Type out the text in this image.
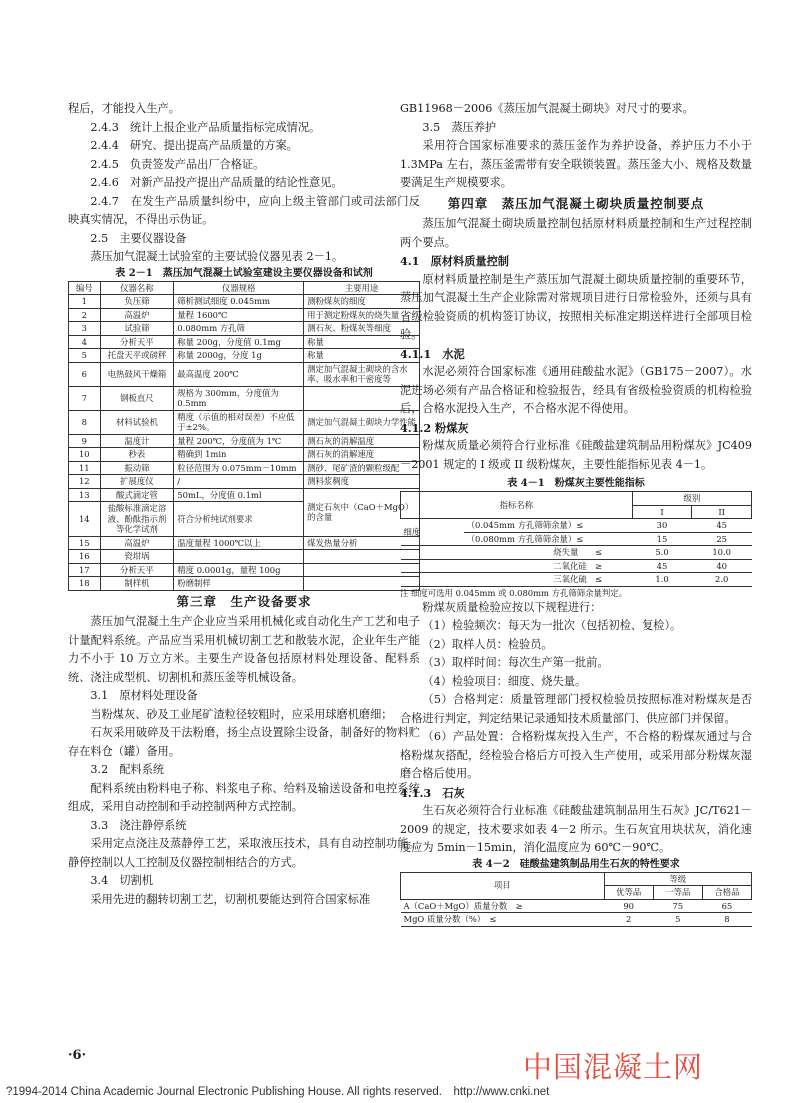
程后，才能投入生产。

2.4.3　统计上报企业产品质量指标完成情况。

2.4.4　研究、提出提高产品质量的方案。

2.4.5　负责签发产品出厂合格证。

2.4.6　对新产品投产提出产品质量的结论性意见。

2.4.7　在发生产品质量纠纷中，应向上级主管部门或司法部门反映真实情况，不得出示伪证。

2.5　主要仪器设备

蒸压加气混凝土试验室的主要试验仪器见表 2－1。

表 2－1　蒸压加气混凝土试验室建设主要仪器设备和试剂

编号	仪器名称	仪器规格	主要用途
1	负压筛	筛析测试细度 0.045mm	测粉煤灰的细度
2	高温炉	量程 1600℃	用于测定粉煤灰的烧失量
3	试验筛	0.080mm 方孔筛	测石灰、粉煤灰等细度
4	分析天平	称量 200g，分度值 0.1mg	称量
5	托盘天平或磅秤	称量 2000g，分度 1g	称量
6	电热鼓风干燥箱	最高温度 200℃	测定加气混凝土砌块的含水率、吸水率和干密度等
7	钢板直尺	规格为 300mm，分度值为 0.5mm	
8	材料试验机	精度（示值的相对误差）不应低于±2%。	测定加气混凝土砌块力学性能
9	温度计	量程 200℃，分度值为 1℃	测石灰的消解温度
10	秒表	精确到 1min	测石灰的消解速度
11	振动筛	粒径范围为 0.075mm－10mm	测砂、尾矿渣的颗粒级配
12	扩展度仪	/	测料浆稠度
13	酸式滴定管	50mL，分度值 0.1ml	测定石灰中（CaO＋MgO）的含量
14	盐酸标准滴定溶液、酚酞指示剂等化学试剂	符合分析纯试剂要求	
15	高温炉	温度量程 1000℃以上	煤发热量分析
16	瓷坩埚		
17	分析天平	精度 0.0001g，量程 100g	
18	制样机	粉磨制样	

第三章　生产设备要求

蒸压加气混凝土生产企业应当采用机械化或自动化生产工艺和电子计量配料系统。产品应当采用机械切割工艺和散装水泥，企业年生产能力不小于 10 万立方米。主要生产设备包括原材料处理设备、配料系统、浇注成型机、切割机和蒸压釜等机械设备。

3.1　原材料处理设备

当粉煤灰、砂及工业尾矿渣粒径较粗时，应采用球磨机磨细；

石灰采用破碎及干法粉磨，扬尘点设置除尘设备，制备好的物料贮存在料仓（罐）备用。

3.2　配料系统

配料系统由粉料电子称、料浆电子称、给料及输送设备和电控系统组成，采用自动控制和手动控制两种方式控制。

3.3　浇注静停系统

采用定点浇注及蒸静停工艺，采取液压技术，具有自动控制功能。静停控制以人工控制及仪器控制相结合的方式。

3.4　切割机

采用先进的翻转切割工艺，切割机要能达到符合国家标准

GB11968－2006《蒸压加气混凝土砌块》对尺寸的要求。

3.5　蒸压养护

采用符合国家标准要求的蒸压釜作为养护设备，养护压力不小于 1.3MPa 左右，蒸压釜需带有安全联锁装置。蒸压釜大小、规格及数量要满足生产规模要求。

第四章　蒸压加气混凝土砌块质量控制要点

蒸压加气混凝土砌块质量控制包括原材料质量控制和生产过程控制两个要点。

4.1　原材料质量控制

原材料质量控制是生产蒸压加气混凝土砌块质量控制的重要环节，蒸压加气混凝土生产企业除需对常规项目进行日常检验外，还须与具有省级检验资质的机构签订协议，按照相关标准定期送样进行全部项目检验。

4.1.1　水泥

水泥必须符合国家标准《通用硅酸盐水泥》（GB175－2007）。水泥进场必须有产品合格证和检验报告，经具有省级检验资质的机构检验后，合格水泥投入生产，不合格水泥不得使用。

4.1.2 粉煤灰

粉煤灰质量必须符合行业标准《硅酸盐建筑制品用粉煤灰》JC409－2001 规定的 I 级或 II 级粉煤灰，主要性能指标见表 4－1。

表 4－1　粉煤灰主要性能指标

指标名称		级别	
		I	II
细度	（0.045mm 方孔筛筛余量）≤	30	45
	（0.080mm 方孔筛筛余量）≤	15	25
烧失量　　≤		5.0	10.0
二氧化硅　≥		45	40
三氧化硫　≤		1.0	2.0

注 细度可选用 0.045mm 或 0.080mm 方孔筛筛余量判定。

粉煤灰质量检验应按以下规程进行：

（1）检验频次：每天为一批次（包括初检、复检）。

（2）取样人员：检验员。

（3）取样时间：每次生产第一批前。

（4）检验项目：细度、烧失量。

（5）合格判定：质量管理部门授权检验员按照标准对粉煤灰是否合格进行判定，判定结果记录通知技术质量部门、供应部门并保留。

（6）产品处置：合格粉煤灰投入生产，不合格的粉煤灰通过与合格粉煤灰搭配，经检验合格后方可投入生产使用，或采用部分粉煤灰湿磨合格后使用。

4.1.3　石灰

生石灰必须符合行业标准《硅酸盐建筑制品用生石灰》JC/T621－2009 的规定，技术要求如表 4－2 所示。生石灰宜用块状灰，消化速度应为 5min－15min，消化温度应为 60℃－90℃。

表 4－2　硅酸盐建筑制品用生石灰的特性要求

项目	等级		
	优等品	一等品	合格品
A（CaO＋MgO）质量分数　≥	90	75	65
MgO 质量分数（%）　≤	2	5	8
·6·	中国混凝土网
?1994-2014 China Academic Journal Electronic Publishing House. All rights reserved.　http://www.cnki.net
